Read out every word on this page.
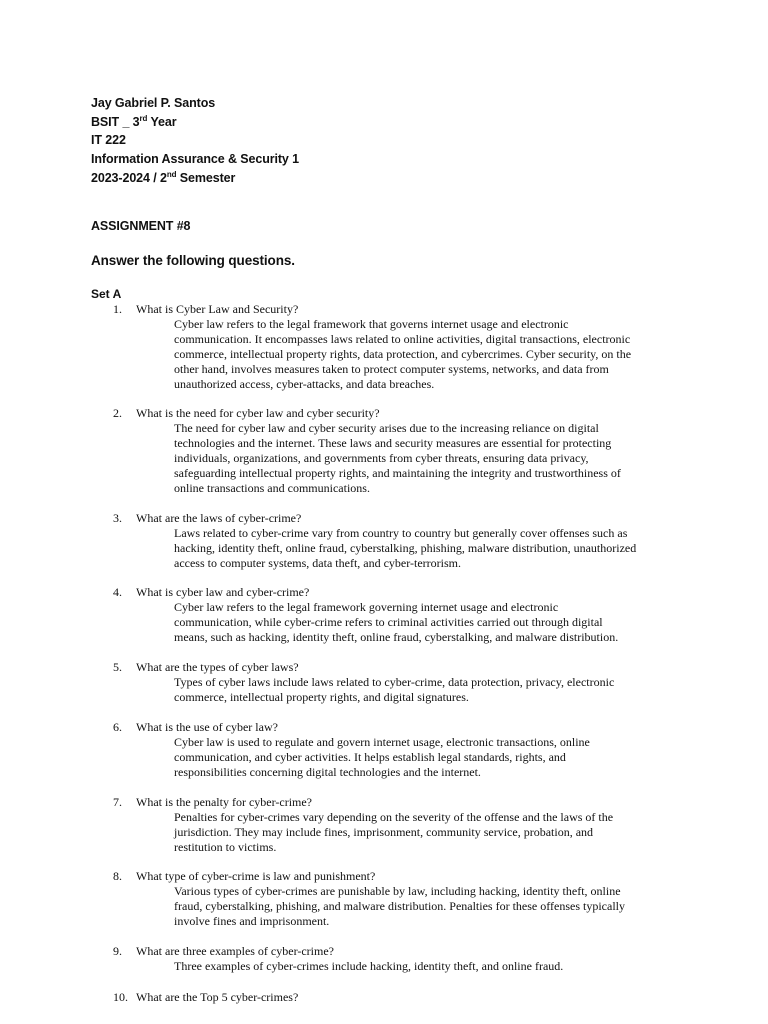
Jay Gabriel P. Santos
BSIT _ 3rd Year
IT 222
Information Assurance & Security 1
2023-2024 / 2nd Semester
ASSIGNMENT #8
Answer the following questions.
Set A
1.	What is Cyber Law and Security?
Cyber law refers to the legal framework that governs internet usage and electronic
communication. It encompasses laws related to online activities, digital transactions, electronic
commerce, intellectual property rights, data protection, and cybercrimes. Cyber security, on the
other hand, involves measures taken to protect computer systems, networks, and data from
unauthorized access, cyber-attacks, and data breaches.
2.	What is the need for cyber law and cyber security?
The need for cyber law and cyber security arises due to the increasing reliance on digital
technologies and the internet. These laws and security measures are essential for protecting
individuals, organizations, and governments from cyber threats, ensuring data privacy,
safeguarding intellectual property rights, and maintaining the integrity and trustworthiness of
online transactions and communications.
3.	What are the laws of cyber-crime?
Laws related to cyber-crime vary from country to country but generally cover offenses such as
hacking, identity theft, online fraud, cyberstalking, phishing, malware distribution, unauthorized
access to computer systems, data theft, and cyber-terrorism.
4.	What is cyber law and cyber-crime?
Cyber law refers to the legal framework governing internet usage and electronic
communication, while cyber-crime refers to criminal activities carried out through digital
means, such as hacking, identity theft, online fraud, cyberstalking, and malware distribution.
5.	What are the types of cyber laws?
Types of cyber laws include laws related to cyber-crime, data protection, privacy, electronic
commerce, intellectual property rights, and digital signatures.
6.	What is the use of cyber law?
Cyber law is used to regulate and govern internet usage, electronic transactions, online
communication, and cyber activities. It helps establish legal standards, rights, and
responsibilities concerning digital technologies and the internet.
7.	What is the penalty for cyber-crime?
Penalties for cyber-crimes vary depending on the severity of the offense and the laws of the
jurisdiction. They may include fines, imprisonment, community service, probation, and
restitution to victims.
8.	What type of cyber-crime is law and punishment?
Various types of cyber-crimes are punishable by law, including hacking, identity theft, online
fraud, cyberstalking, phishing, and malware distribution. Penalties for these offenses typically
involve fines and imprisonment.
9.	What are three examples of cyber-crime?
Three examples of cyber-crimes include hacking, identity theft, and online fraud.
10. What are the Top 5 cyber-crimes?
